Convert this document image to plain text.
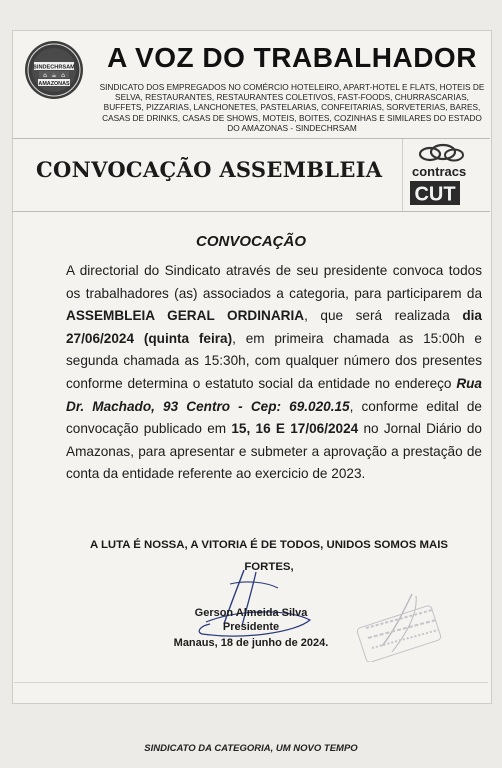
SINDECHRSAM
⌂ ☕ ⌂
AMAZONAS
A VOZ DO TRABALHADOR
SINDICATO DOS EMPREGADOS NO COMÉRCIO HOTELEIRO, APART-HOTEL E FLATS, HOTEIS DE SELVA, RESTAURANTES, RESTAURANTES COLETIVOS, FAST-FOODS, CHURRASCARIAS, BUFFETS, PIZZARIAS, LANCHONETES, PASTELARIAS, CONFEITARIAS, SORVETERIAS, BARES, CASAS DE DRINKS, CASAS DE SHOWS, MOTEIS, BOITES, COZINHAS E SIMILARES DO ESTADO DO AMAZONAS - SINDECHRSAM
CONVOCAÇÃO ASSEMBLEIA contracs
CUT
CONVOCAÇÃO
A directorial do Sindicato através de seu presidente convoca todos os trabalhadores (as) associados a categoria, para participarem da ASSEMBLEIA GERAL ORDINARIA, que será realizada dia 27/06/2024 (quinta feira), em primeira chamada as 15:00h e segunda chamada as 15:30h, com qualquer número dos presentes conforme determina o estatuto social da entidade no endereço Rua Dr. Machado, 93 Centro - Cep: 69.020.15, conforme edital de convocação publicado em 15, 16 E 17/06/2024 no Jornal Diário do Amazonas, para apresentar e submeter a aprovação a prestação de conta da entidade referente ao exercicio de 2023.
A LUTA É NOSSA, A VITORIA É DE TODOS, UNIDOS SOMOS MAIS FORTES,
Gerson Almeida Silva
Presidente
Manaus, 18 de junho de 2024.
SINDICATO DA CATEGORIA, UM NOVO TEMPO
